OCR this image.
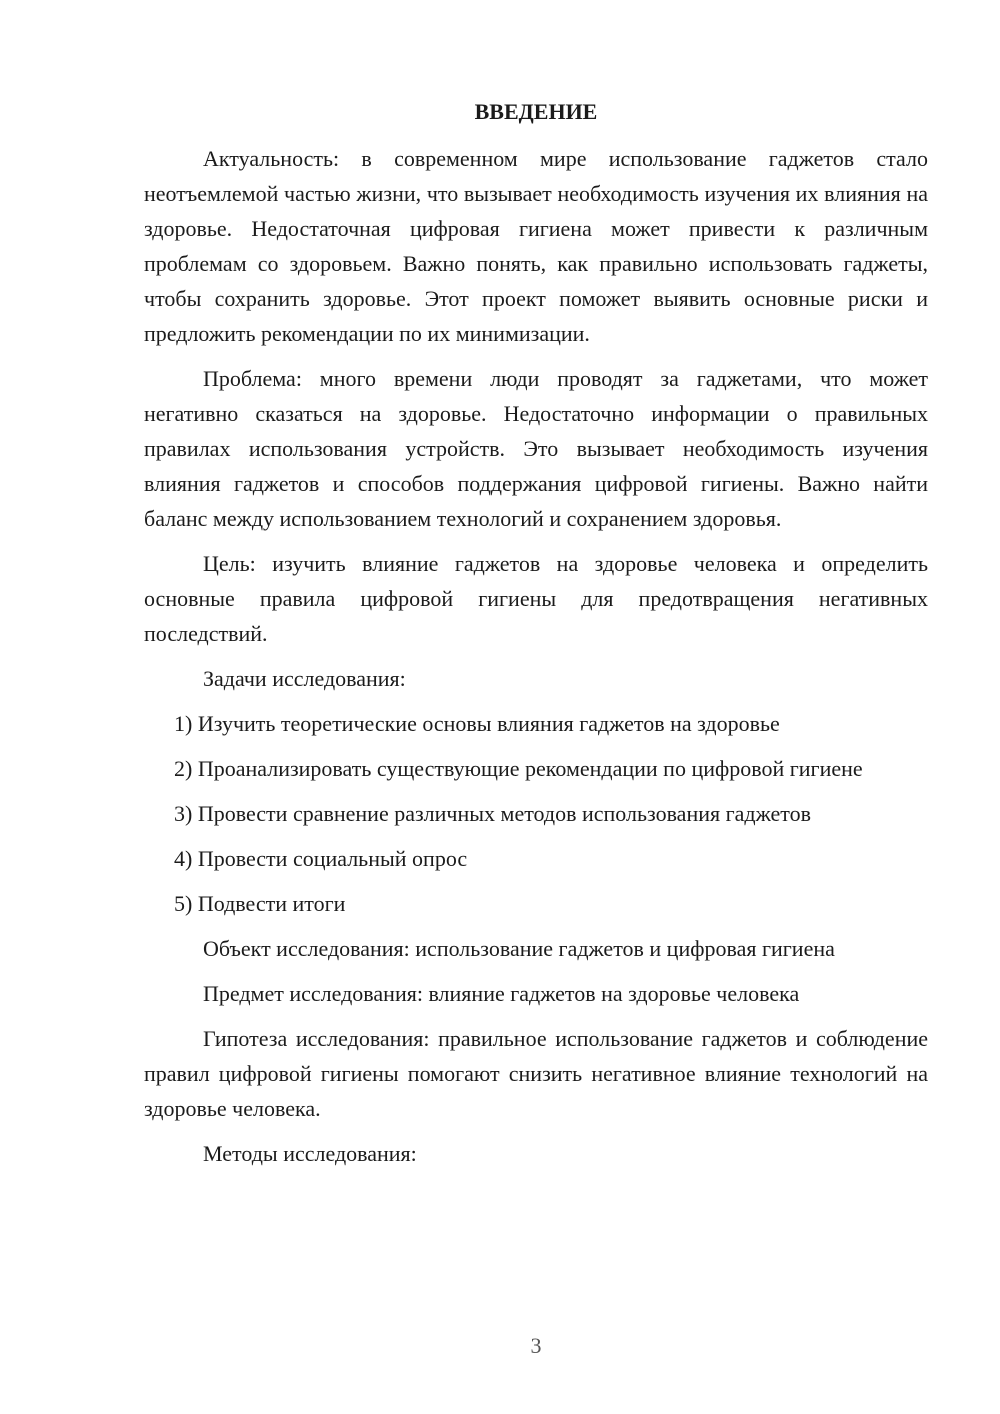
ВВЕДЕНИЕ

Актуальность: в современном мире использование гаджетов стало неотъемлемой частью жизни, что вызывает необходимость изучения их влияния на здоровье. Недостаточная цифровая гигиена может привести к различным проблемам со здоровьем. Важно понять, как правильно использовать гаджеты, чтобы сохранить здоровье. Этот проект поможет выявить основные риски и предложить рекомендации по их минимизации.

Проблема: много времени люди проводят за гаджетами, что может негативно сказаться на здоровье. Недостаточно информации о правильных правилах использования устройств. Это вызывает необходимость изучения влияния гаджетов и способов поддержания цифровой гигиены. Важно найти баланс между использованием технологий и сохранением здоровья.

Цель: изучить влияние гаджетов на здоровье человека и определить основные правила цифровой гигиены для предотвращения негативных последствий.

Задачи исследования:

1) Изучить теоретические основы влияния гаджетов на здоровье

2) Проанализировать существующие рекомендации по цифровой гигиене

3) Провести сравнение различных методов использования гаджетов

4) Провести социальный опрос

5) Подвести итоги

Объект исследования: использование гаджетов и цифровая гигиена

Предмет исследования: влияние гаджетов на здоровье человека

Гипотеза исследования: правильное использование гаджетов и соблюдение правил цифровой гигиены помогают снизить негативное влияние технологий на здоровье человека.

Методы исследования:

3
